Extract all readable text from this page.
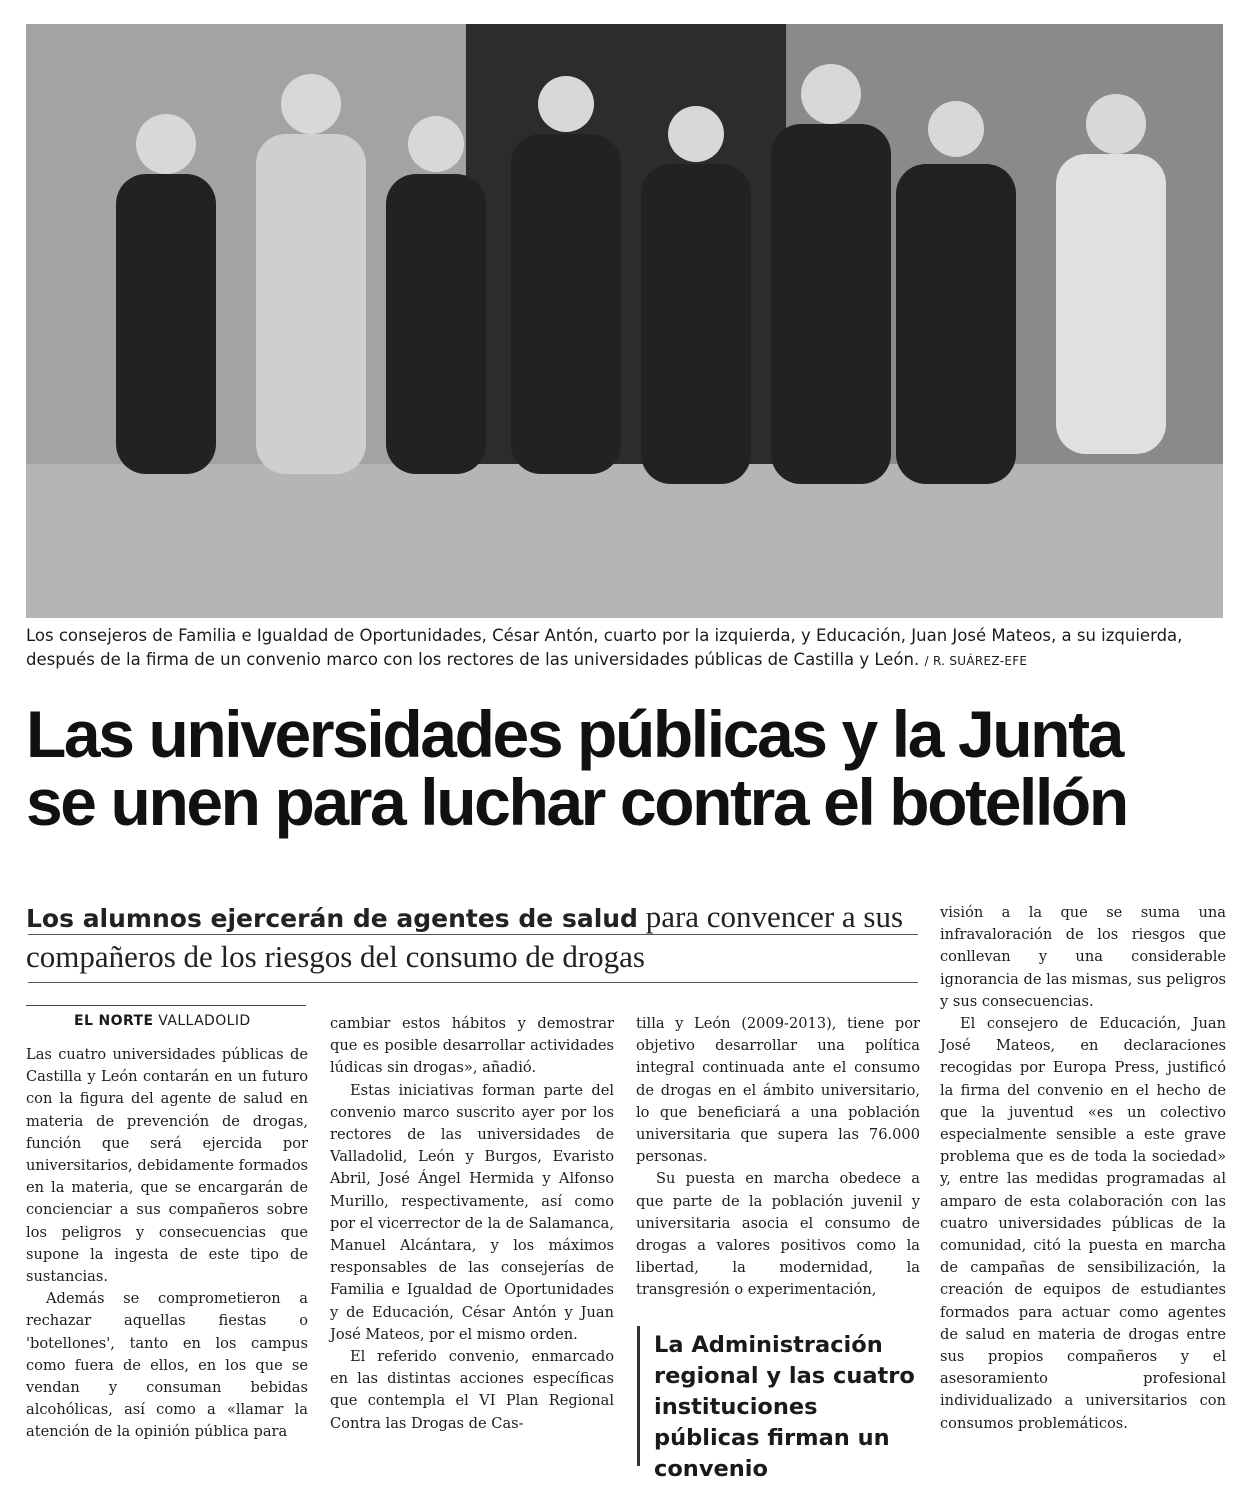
Los consejeros de Familia e Igualdad de Oportunidades, César Antón, cuarto por la izquierda, y Educación, Juan José Mateos, a su izquierda, después de la firma de un convenio marco con los rectores de las universidades públicas de Castilla y León. / R. SUÁREZ-EFE
Las universidades públicas y la Junta
se unen para luchar contra el botellón
Los alumnos ejercerán de agentes de salud para convencer a sus compañeros de los riesgos del consumo de drogas
EL NORTE VALLADOLID

Las cuatro universidades públicas de Castilla y León contarán en un futuro con la figura del agente de salud en materia de prevención de drogas, función que será ejercida por universitarios, debidamente formados en la materia, que se encargarán de concienciar a sus compañeros sobre los peligros y consecuencias que supone la ingesta de este tipo de sustancias.

Además se comprometieron a rechazar aquellas fiestas o 'botellones', tanto en los campus como fuera de ellos, en los que se vendan y consuman bebidas alcohólicas, así como a «llamar la atención de la opinión pública para

cambiar estos hábitos y demostrar que es posible desarrollar actividades lúdicas sin drogas», añadió.

Estas iniciativas forman parte del convenio marco suscrito ayer por los rectores de las universidades de Valladolid, León y Burgos, Evaristo Abril, José Ángel Hermida y Alfonso Murillo, respectivamente, así como por el vicerrector de la de Salamanca, Manuel Alcántara, y los máximos responsables de las consejerías de Familia e Igualdad de Oportunidades y de Educación, César Antón y Juan José Mateos, por el mismo orden.

El referido convenio, enmarcado en las distintas acciones específicas que contempla el VI Plan Regional Contra las Drogas de Cas-

tilla y León (2009-2013), tiene por objetivo desarrollar una política integral continuada ante el consumo de drogas en el ámbito universitario, lo que beneficiará a una población universitaria que supera las 76.000 personas.

Su puesta en marcha obedece a que parte de la población juvenil y universitaria asocia el consumo de drogas a valores positivos como la libertad, la modernidad, la transgresión o experimentación,

La Administración regional y las cuatro instituciones públicas firman un convenio

visión a la que se suma una infravaloración de los riesgos que conllevan y una considerable ignorancia de las mismas, sus peligros y sus consecuencias.

El consejero de Educación, Juan José Mateos, en declaraciones recogidas por Europa Press, justificó la firma del convenio en el hecho de que la juventud «es un colectivo especialmente sensible a este grave problema que es de toda la sociedad» y, entre las medidas programadas al amparo de esta colaboración con las cuatro universidades públicas de la comunidad, citó la puesta en marcha de campañas de sensibilización, la creación de equipos de estudiantes formados para actuar como agentes de salud en materia de drogas entre sus propios compañeros y el asesoramiento profesional individualizado a universitarios con consumos problemáticos.
